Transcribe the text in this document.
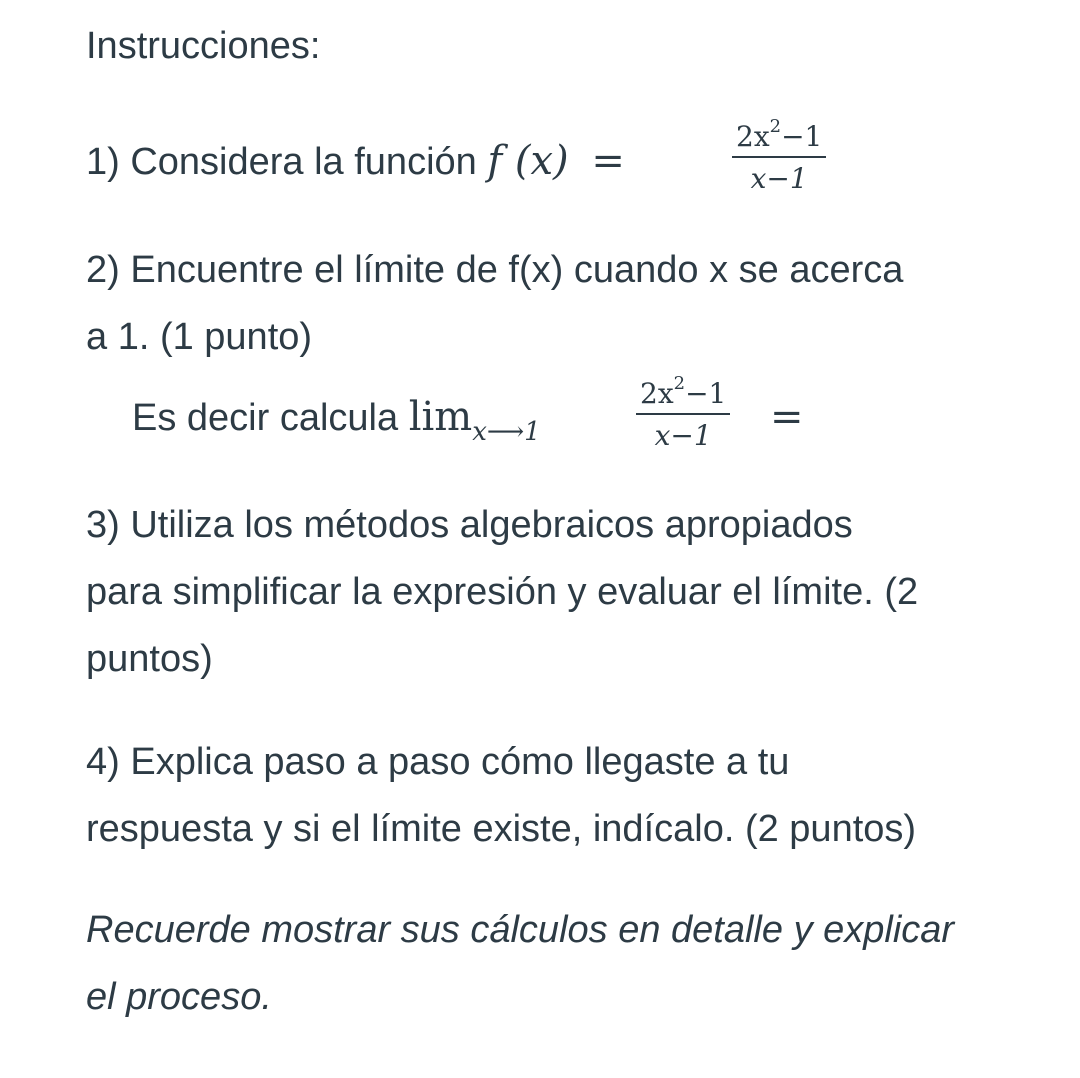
Instrucciones:
1) Considera la función f (x) =	$\frac{2x^2-1}{x-1}$
2) Encuentre el límite de f(x) cuando x se acerca
a 1. (1 punto)
Es decir calcula $\lim_{x⟶1}$	$\frac{2x^2-1}{x-1}$ =
3) Utiliza los métodos algebraicos apropiados
para simplificar la expresión y evaluar el límite. (2
puntos)
4) Explica paso a paso cómo llegaste a tu
respuesta y si el límite existe, indícalo. (2 puntos)
Recuerde mostrar sus cálculos en detalle y explicar
el proceso.
